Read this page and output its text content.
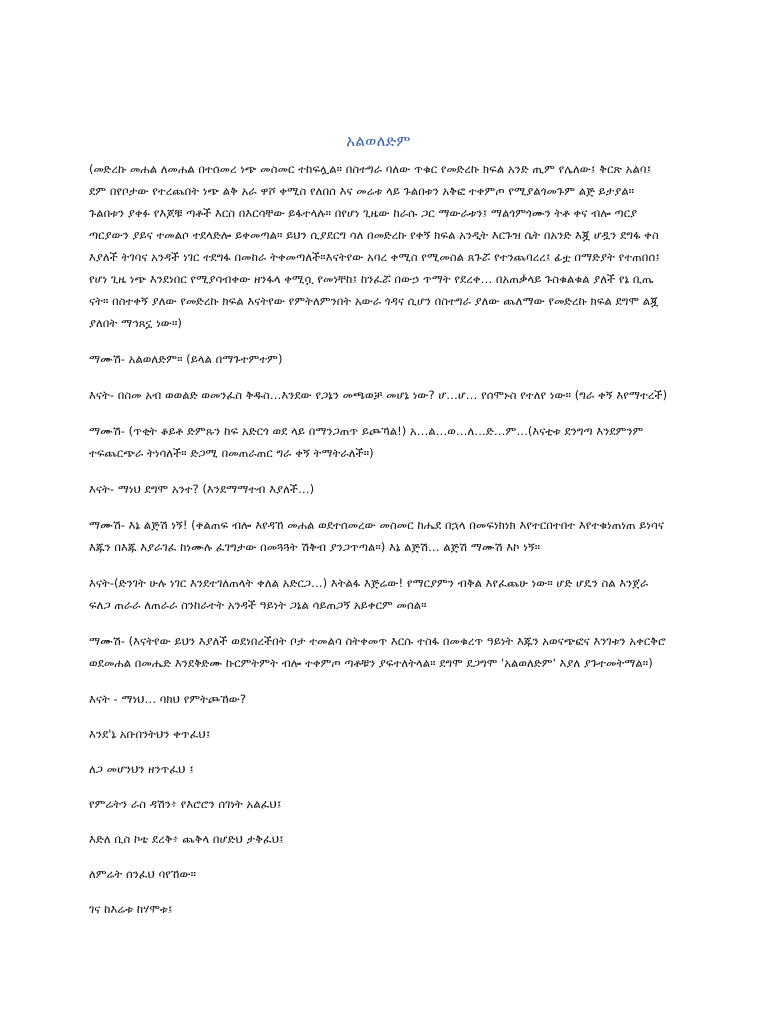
አልወለድም

(መድረኩ መሐል ለመሐል በተሰመረ ነጭ መስመር ተከፍሏል። በስተግራ ባለው ጥቁር የመድረኩ ክፍል አንድ ጢም የሌለው፤ ቅርጽ አልባ፤ ደም በየቦታው የተረጨበት ነጭ ልቅ አራ ዋሾ ቀሚስ የለበሰ እና መሬቱ ላይ ጉልበቱን አቅፎ ተቀምጦ የሚያልጎመጉም ልጅ ይታያል። ጉልበቱን ያቀፉ የእጆቹ ጣቶች እርስ በእርሳቸው ይፋተላሉ። በየሆነ ጊዜው ከራሱ ጋር ማውራቱን፤ ማልጎምጎሙን ትቶ ቀና ብሎ ጣርያ ጣርያውን ያይና ተመልሶ ተደላድሎ ይቀመጣል። ይህን ሲያደርግ ሳለ በመድረኩ የቀኝ ክፍል አንዲት እርጉዝ ሴት በአንድ እጇ ሆዷን ደግፋ ቀስ እያለች ትገባና አንዳች ነገር ተደግፋ በመከራ ትቀመጣለች።እናትየው አባረ ቀሚስ የሚመስል ጸጉሯ የተንጨባረረ፤ ፊቷ በማድያት የተጠበሰ፤ የሆነ ጊዜ ነጭ እንደነበር የሚያሳብቀው ዘንፋላ ቀሚሷ የመነቸከ፤ ከንፈሯ በውኃ ጥማት የደረቀ… በአጠቃላይ ጉስቁልቁል ያለች የኔ ቢጤ ናት። በስተቀኝ ያለው የመድረኩ ክፍል እናትየው የምትለምንበት አውራ ጎዳና ሲሆን በስተግራ ያለው ጨለማው የመድረኩ ክፍል ደግሞ ልጇ ያለበት ማኅጸኗ ነው።)

ማሙሽ- አልወለድም። (ይላል በማጉተምተም)

እናት- በስመ አብ ወወልድ ወመንፈስ ቅዱስ…እንደው የጋኔን መጫወቻ መሆኔ ነው? ሆ…ሆ… የሰሞኑስ የተለየ ነው። (ግራ ቀኝ እየማተረች)

ማሙሽ- (ጥቂት ቆይቶ ድምጹን ከፍ አድርጎ ወደ ላይ በማንጋጠጥ ይጮኻል!) አ…ል…ወ…ለ…ድ…ም…(እናቲቱ ደንግጣ እንደምንም ተፍጨርጭራ ትነሳለች። ድጋሚ በመጠራጠር ግራ ቀኝ ትማትራለች።)

እናት- ማነህ ደግሞ አንተ? (እንደማማተብ እያለች…)

ማሙሽ- እኔ ልጅሽ ነኝ! (ቀልጠፍ ብሎ እየዳኸ መሐል ወደተሰመረው መስመር ከሔደ በኋላ በመፍነክነክ እየተርበተበተ እየተቁነጠነጠ ይነሳና እጁን በእጁ እያራገፈ ከነሙሉ ፈገግታው በመጓጓት ሽቅብ ያንጋጥጣል።) እኔ ልጅሽ… ልጅሽ ማሙሽ እኮ ነኝ።

እናት-(ድንገት ሁሉ ነገር እንደተገለጠላት ቀለል አድርጋ…) እትልፋ እጅሬው! የማርያምን ብቅል እየፈጨሁ ነው። ሆድ ሆዴን ስል እንጀራ ፍለጋ ጠራራ ለጠራራ ስንከራተት አንዳች ዓይነት ጋኔል ሳይጠጋኝ አይቀርም መሰል።

ማሙሽ- (እናትየው ይህን እያለች ወደነበረችበት ቦታ ተመልሳ ስትቀመጥ እርሱ ተስፋ በመቁረጥ ዓይነት እጁን አወናጭፎና እንገቱን አቀርቅሮ ወደመሐል በመሔድ እንደቅድሙ ኩርምትምት ብሎ ተቀምጦ ጣቶቹን ያፍተለትላል። ደግሞ ደጋግሞ 'አልወለድም' እያለ ያጉተመትማል።)

እናት - ማነህ… ባክህ የምትጮኸው?

እንደ'ኔ አቡበንትህን ቀጥፈህ፤

ለጋ መሆንህን ዘንጥፈህ ፤

የምሬትን ራስ ዳሽን፥ የእሮሮን ሰገነት አልፈህ፤

እድለ ቢስ ኮቴ ደረቅ፥ ጨቅላ በሆድህ ታቅፈህ፤

ለምሬት ሰንፈህ ባየኸው።

ገና ከእሬቱ ከሃሞቱ፤
